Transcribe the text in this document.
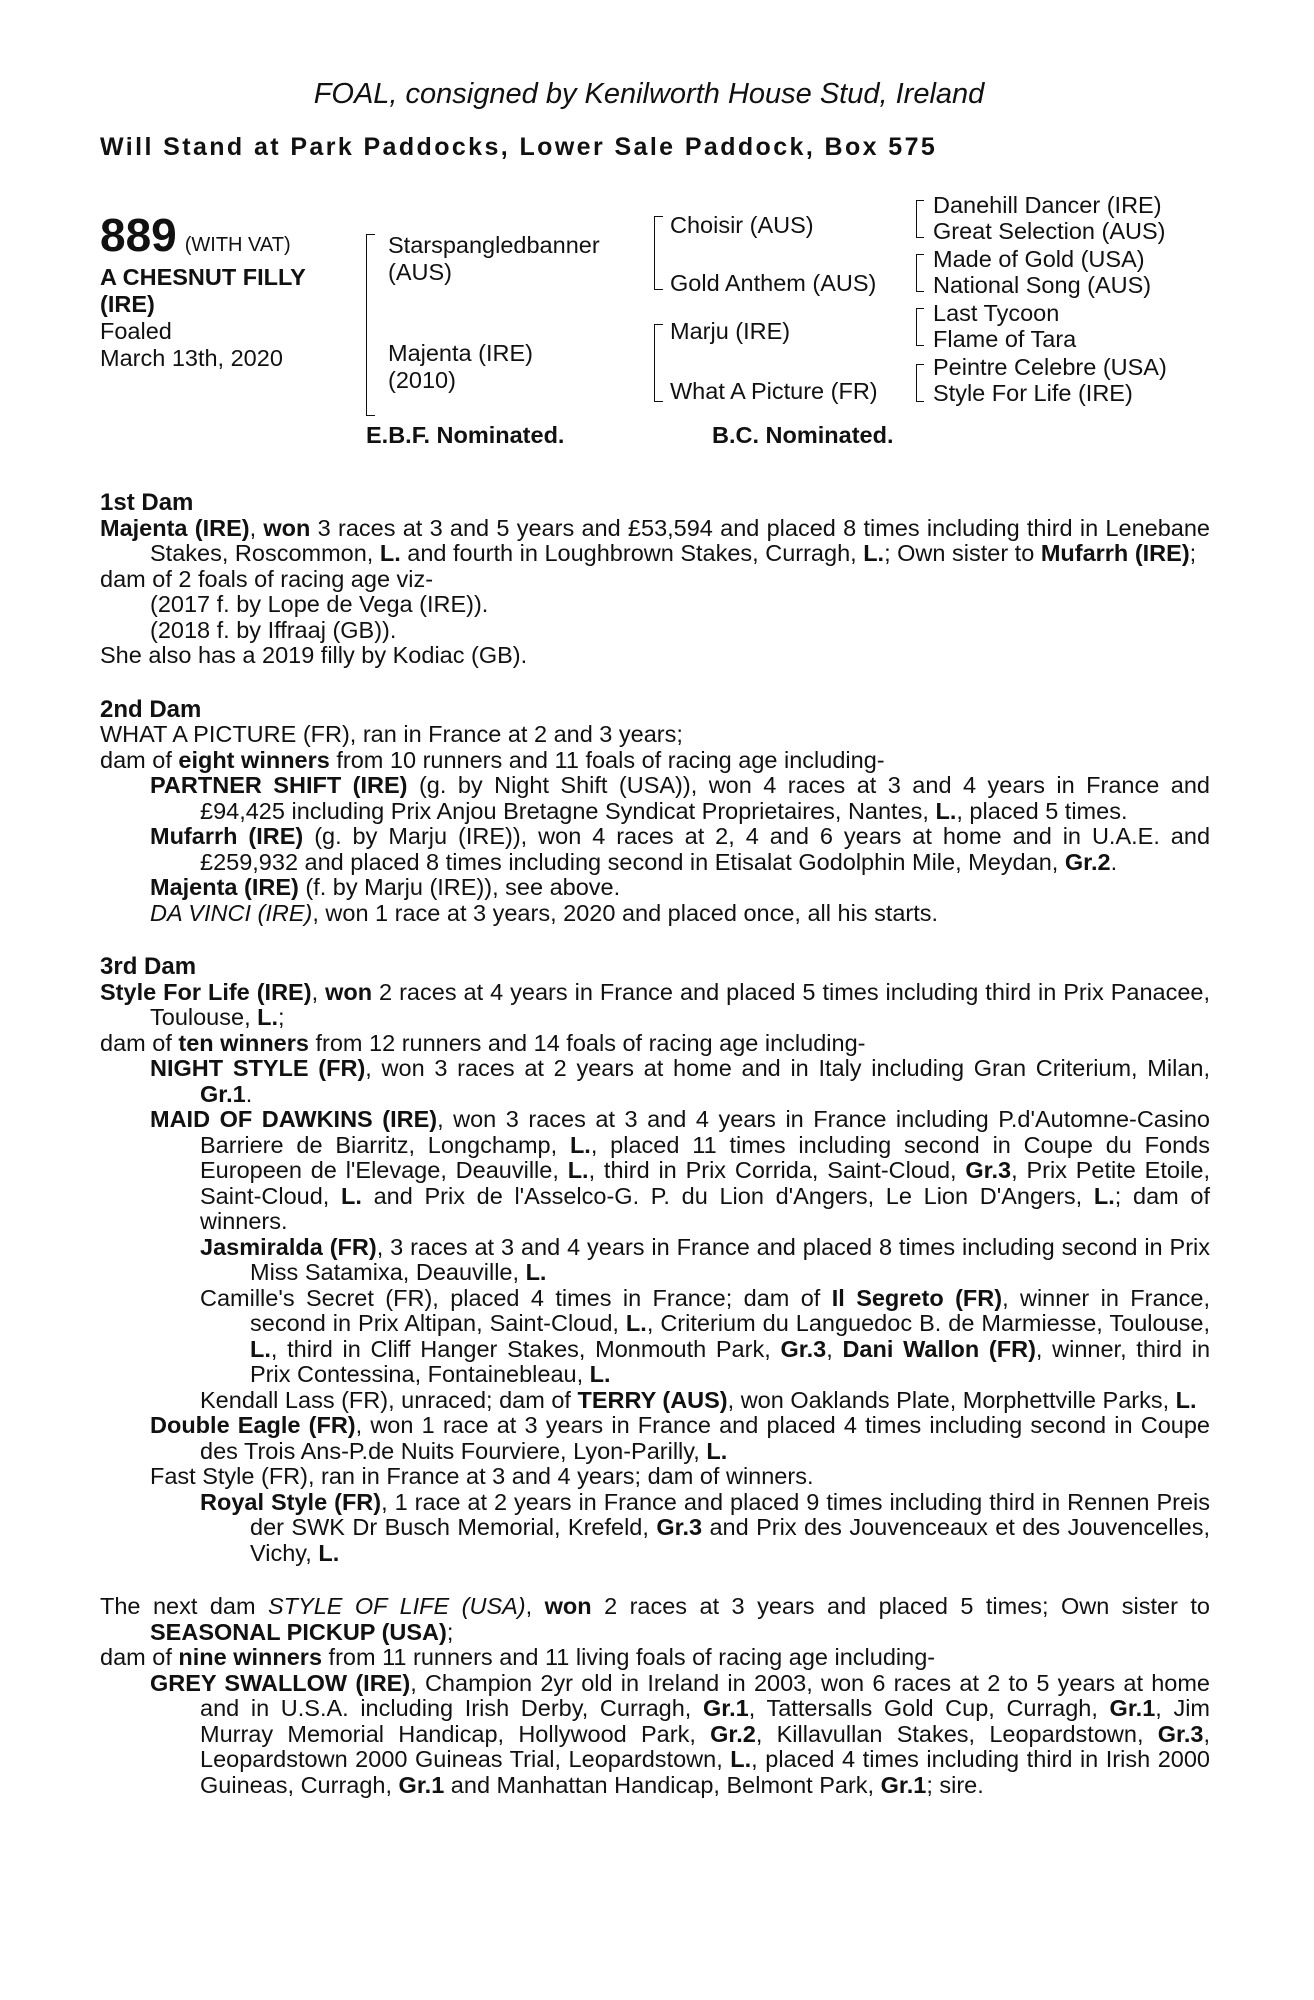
FOAL, consigned by Kenilworth House Stud, Ireland
Will Stand at Park Paddocks, Lower Sale Paddock, Box 575
889 (WITH VAT)
A CHESNUT FILLY
(IRE)
Foaled
March 13th, 2020
Starspangledbanner
(AUS)
Majenta (IRE)
(2010)
Choisir (AUS)
Gold Anthem (AUS)
Marju (IRE)
What A Picture (FR)
Danehill Dancer (IRE)
Great Selection (AUS)
Made of Gold (USA)
National Song (AUS)
Last Tycoon
Flame of Tara
Peintre Celebre (USA)
Style For Life (IRE)
E.B.F. Nominated.	B.C. Nominated.
1st Dam

Majenta (IRE), won 3 races at 3 and 5 years and £53,594 and placed 8 times including third in Lenebane Stakes, Roscommon, L. and fourth in Loughbrown Stakes, Curragh, L.; Own sister to Mufarrh (IRE);

dam of 2 foals of racing age viz-

(2017 f. by Lope de Vega (IRE)).

(2018 f. by Iffraaj (GB)).

She also has a 2019 filly by Kodiac (GB).

2nd Dam

WHAT A PICTURE (FR), ran in France at 2 and 3 years;

dam of eight winners from 10 runners and 11 foals of racing age including-

PARTNER SHIFT (IRE) (g. by Night Shift (USA)), won 4 races at 3 and 4 years in France and £94,425 including Prix Anjou Bretagne Syndicat Proprietaires, Nantes, L., placed 5 times.

Mufarrh (IRE) (g. by Marju (IRE)), won 4 races at 2, 4 and 6 years at home and in U.A.E. and £259,932 and placed 8 times including second in Etisalat Godolphin Mile, Meydan, Gr.2.

Majenta (IRE) (f. by Marju (IRE)), see above.

DA VINCI (IRE), won 1 race at 3 years, 2020 and placed once, all his starts.

3rd Dam

Style For Life (IRE), won 2 races at 4 years in France and placed 5 times including third in Prix Panacee, Toulouse, L.;

dam of ten winners from 12 runners and 14 foals of racing age including-

NIGHT STYLE (FR), won 3 races at 2 years at home and in Italy including Gran Criterium, Milan, Gr.1.

MAID OF DAWKINS (IRE), won 3 races at 3 and 4 years in France including P.d'Automne-Casino Barriere de Biarritz, Longchamp, L., placed 11 times including second in Coupe du Fonds Europeen de l'Elevage, Deauville, L., third in Prix Corrida, Saint-Cloud, Gr.3, Prix Petite Etoile, Saint-Cloud, L. and Prix de l'Asselco-G. P. du Lion d'Angers, Le Lion D'Angers, L.; dam of winners.

Jasmiralda (FR), 3 races at 3 and 4 years in France and placed 8 times including second in Prix Miss Satamixa, Deauville, L.

Camille's Secret (FR), placed 4 times in France; dam of Il Segreto (FR), winner in France, second in Prix Altipan, Saint-Cloud, L., Criterium du Languedoc B. de Marmiesse, Toulouse, L., third in Cliff Hanger Stakes, Monmouth Park, Gr.3, Dani Wallon (FR), winner, third in Prix Contessina, Fontainebleau, L.

Kendall Lass (FR), unraced; dam of TERRY (AUS), won Oaklands Plate, Morphettville Parks, L.

Double Eagle (FR), won 1 race at 3 years in France and placed 4 times including second in Coupe des Trois Ans-P.de Nuits Fourviere, Lyon-Parilly, L.

Fast Style (FR), ran in France at 3 and 4 years; dam of winners.

Royal Style (FR), 1 race at 2 years in France and placed 9 times including third in Rennen Preis der SWK Dr Busch Memorial, Krefeld, Gr.3 and Prix des Jouvenceaux et des Jouvencelles, Vichy, L.

The next dam STYLE OF LIFE (USA), won 2 races at 3 years and placed 5 times; Own sister to SEASONAL PICKUP (USA);

dam of nine winners from 11 runners and 11 living foals of racing age including-

GREY SWALLOW (IRE), Champion 2yr old in Ireland in 2003, won 6 races at 2 to 5 years at home and in U.S.A. including Irish Derby, Curragh, Gr.1, Tattersalls Gold Cup, Curragh, Gr.1, Jim Murray Memorial Handicap, Hollywood Park, Gr.2, Killavullan Stakes, Leopardstown, Gr.3, Leopardstown 2000 Guineas Trial, Leopardstown, L., placed 4 times including third in Irish 2000 Guineas, Curragh, Gr.1 and Manhattan Handicap, Belmont Park, Gr.1; sire.
